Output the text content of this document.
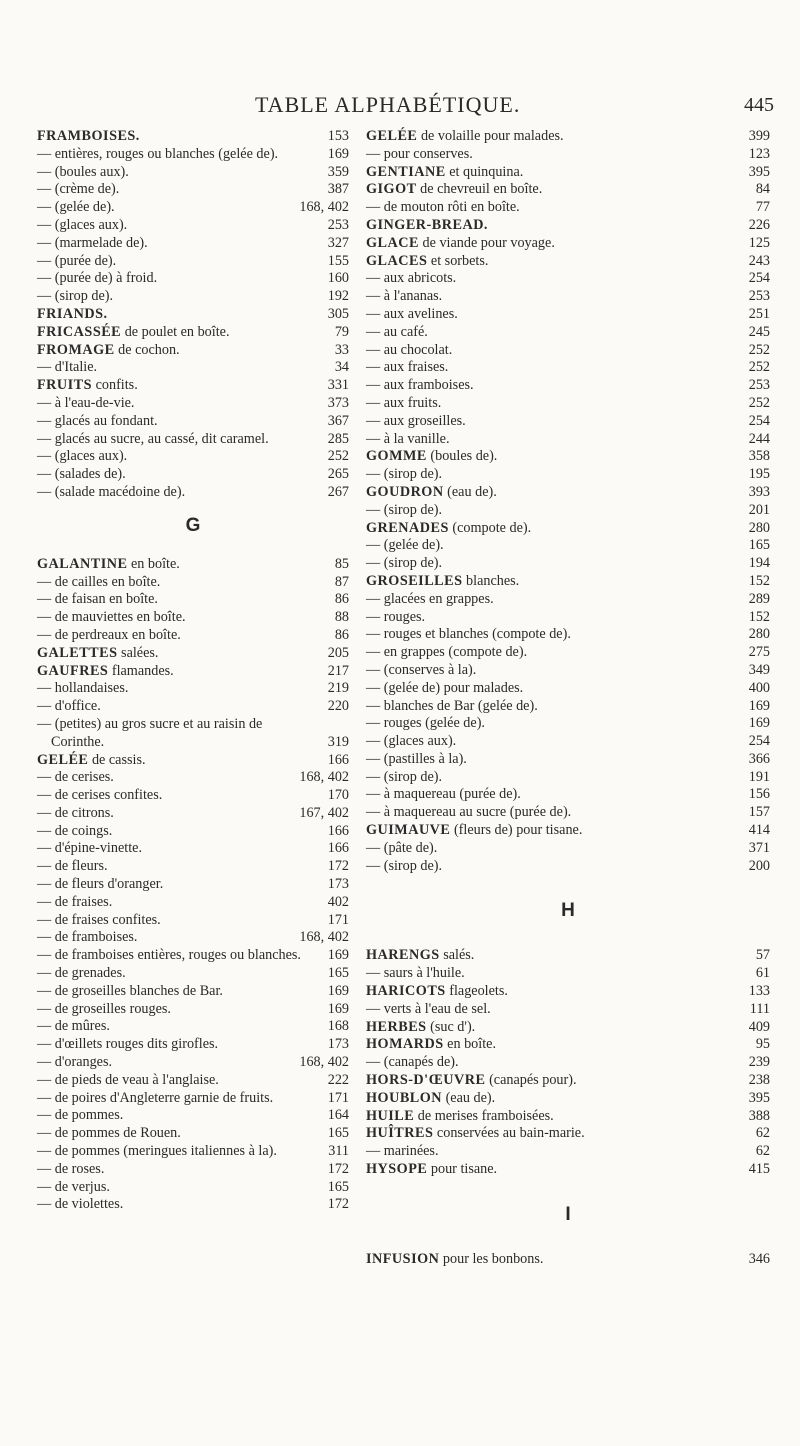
TABLE ALPHABÉTIQUE.	445
FRAMBOISES.	153
— entières, rouges ou blanches (gelée de).	169
— (boules aux).	359
— (crème de).	387
— (gelée de).	168, 402
— (glaces aux).	253
— (marmelade de).	327
— (purée de).	155
— (purée de) à froid.	160
— (sirop de).	192
FRIANDS.	305
FRICASSÉE de poulet en boîte.	79
FROMAGE de cochon.	33
— d'Italie.	34
FRUITS confits.	331
— à l'eau-de-vie.	373
— glacés au fondant.	367
— glacés au sucre, au cassé, dit caramel.	285
— (glaces aux).	252
— (salades de).	265
— (salade macédoine de).	267
G
GALANTINE en boîte.	85
— de cailles en boîte.	87
— de faisan en boîte.	86
— de mauviettes en boîte.	88
— de perdreaux en boîte.	86
GALETTES salées.	205
GAUFRES flamandes.	217
— hollandaises.	219
— d'office.	220
— (petites) au gros sucre et au raisin de Corinthe.	319
GELÉE de cassis.	166
— de cerises.	168, 402
— de cerises confites.	170
— de citrons.	167, 402
— de coings.	166
— d'épine-vinette.	166
— de fleurs.	172
— de fleurs d'oranger.	173
— de fraises.	402
— de fraises confites.	171
— de framboises.	168, 402
— de framboises entières, rouges ou blanches.	169
— de grenades.	165
— de groseilles blanches de Bar.	169
— de groseilles rouges.	169
— de mûres.	168
— d'œillets rouges dits girofles.	173
— d'oranges.	168, 402
— de pieds de veau à l'anglaise.	222
— de poires d'Angleterre garnie de fruits.	171
— de pommes.	164
— de pommes de Rouen.	165
— de pommes (meringues italiennes à la).	311
— de roses.	172
— de verjus.	165
— de violettes.	172
GELÉE de volaille pour malades.	399
— pour conserves.	123
GENTIANE et quinquina.	395
GIGOT de chevreuil en boîte.	84
— de mouton rôti en boîte.	77
GINGER-BREAD.	226
GLACE de viande pour voyage.	125
GLACES et sorbets.	243
— aux abricots.	254
— à l'ananas.	253
— aux avelines.	251
— au café.	245
— au chocolat.	252
— aux fraises.	252
— aux framboises.	253
— aux fruits.	252
— aux groseilles.	254
— à la vanille.	244
GOMME (boules de).	358
— (sirop de).	195
GOUDRON (eau de).	393
— (sirop de).	201
GRENADES (compote de).	280
— (gelée de).	165
— (sirop de).	194
GROSEILLES blanches.	152
— glacées en grappes.	289
— rouges.	152
— rouges et blanches (compote de).	280
— en grappes (compote de).	275
— (conserves à la).	349
— (gelée de) pour malades.	400
— blanches de Bar (gelée de).	169
— rouges (gelée de).	169
— (glaces aux).	254
— (pastilles à la).	366
— (sirop de).	191
— à maquereau (purée de).	156
— à maquereau au sucre (purée de).	157
GUIMAUVE (fleurs de) pour tisane.	414
— (pâte de).	371
— (sirop de).	200
H
HARENGS salés.	57
— saurs à l'huile.	61
HARICOTS flageolets.	133
— verts à l'eau de sel.	111
HERBES (suc d').	409
HOMARDS en boîte.	95
— (canapés de).	239
HORS-D'ŒUVRE (canapés pour).	238
HOUBLON (eau de).	395
HUILE de merises framboisées.	388
HUÎTRES conservées au bain-marie.	62
— marinées.	62
HYSOPE pour tisane.	415
I
INFUSION pour les bonbons.	346
